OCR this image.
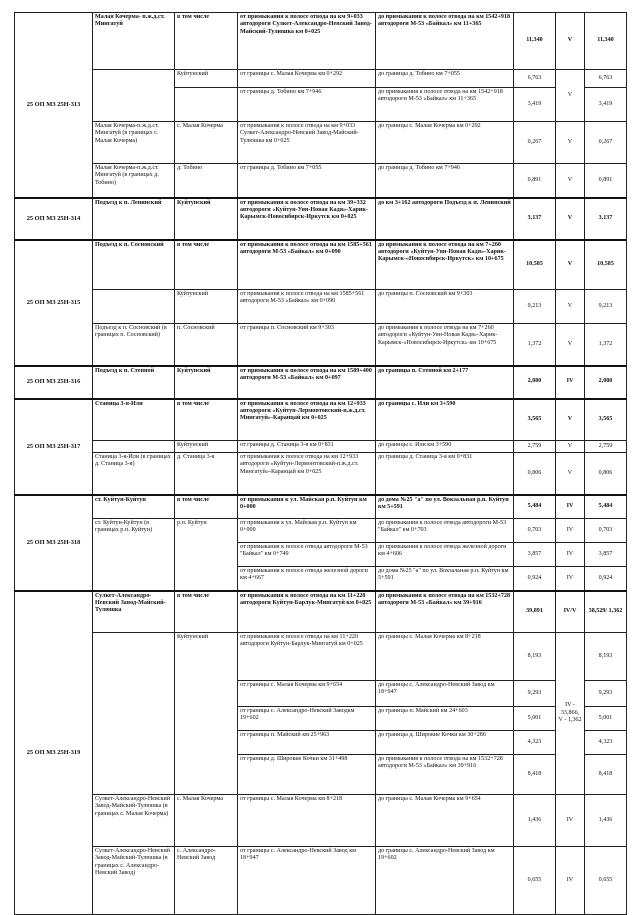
25 ОП МЗ 25Н-313	Малая Кочерма- п.ж.д.ст. Мингатуй	в том числе	от примыкания к полосе отвода на км 9+033 автодороги Сулкет-Александро-Невский Завод-Майский-Тулюшка км 0+025	до примыкания к полосе отвода на км 1542+918 автодороги М-53 «Байкал» км 11+365	11,340	V	11,340
		Куйтунский	от границы с. Малая Кочерма км 0+292	до границы д. Тобино км 7+055	6,763	V	6,763
			от границы д. Тобино км 7+946	до примыкания к полосе отвода на км 1542+918 автодороги М-53 «Байкал» км 11+365	3,419		3,419
	Малая Кочерма-п.ж.д.ст. Мингатуй (в границах с. Малая Кочерма)	с. Малая Кочерма	от примыкания к полосе отвода на км 9+033 Сулкет-Александро-Невский Завод-Майский-Тулюшка км 0+025	до границы с. Малая Кочерма км 0+292	0,267	V	0,267
	Малая Кочерма-п.ж.д.ст. Мингатуй (в границах д. Тобино)	д. Тобино	от границы д. Тобино км 7+055	до границы д. Тобино км 7+946	0,891	V	0,891
25 ОП МЗ 25Н-314	Подъезд к п. Ленинский	Куйтунский	от примыкания к полосе отвода на км 39+332 автодороги «Куйтун-Уян-Новая Кадя»-Харик-Карымск-Новосибирск-Иркутск км 0+025	до км 3+162 автодороги Подъезд к п. Ленинский	3,137	V	3,137
25 ОП МЗ 25Н-315	Подъезд к п. Сосновский	в том числе	от примыкания к полосе отвода на км 1585+561 автодороги М-53 «Байкал» км 0+090	до примыкания к полосе отвода на км 7+260 автодороги «Куйтун-Уян-Новая Кадя»-Харик-Карымск-«Новосибирск-Иркутск» км 10+675	10,585	V	10,585
		Куйтунский	от примыкания к полосе отвода на км 1585+561 автодороги М-53 «Байкал» км 0+090	до границы п. Сосновский км 9+303	9,213	V	9,213
	Подъезд к п. Сосновский (в границах п. Сосновский)	п. Сосновский	от границы п. Сосновский км 9+303	до примыкания к полосе отвода на км 7+260 автодороги «Куйтун-Уян-Новая Кадя»-Харик-Карымск-«Новосибирск-Иркутск» км 10+675	1,372	V	1,372
25 ОП МЗ 25Н-316	Подъезд к п. Степной	Куйтунский	от примыкания к полосе отвода на км 1589+400 автодороги М-53 «Байкал» км 0+097	до границы п. Степной км 2+177	2,080	IV	2,080
25 ОП МЗ 25Н-317	Станица 3-я-Или	в том числе	от примыкания к полосе отвода на км 12+933 автодороги «Куйтун-Лермонтовский-п.ж.д.ст. Мингатуй»-Каранцай км 0+025	до границы с. Или км 3+590	3,565	V	3,565
		Куйтунский	от границы д. Станица 3-я км 0+831	до границы с. Или км 3+590	2,759	V	2,759
	Станица 3-я-Или (в границах д. Станица 3-я)	д. Станица 3-я	от примыкания к полосе отвода на км 12+933 автодороги «Куйтун-Лермонтовский-п.ж.д.ст. Мингатуй»-Каранцай км 0+025	до границы д. Станица 3-я км 0+831	0,806	V	0,806
25 ОП МЗ 25Н-318	ст. Куйтун-Куйтун	в том числе	от примыкания к ул. Майская р.п. Куйтун км 0+000	до дома №25 "а" по ул. Вокзальная р.п. Куйтун км 5+591	5,484	IV	5,484
	ст. Куйтун-Куйтун (в границах р.п. Куйтун)	р.п. Куйтун	от примыкания к ул. Майская р.п. Куйтун км 0+000	до примыкания к полосе отвода автодороги М-53 "Байкал" км 0+703	0,703	IV	0,703
			от примыкания к полосе отвода автодороги М-53 "Байкал" км 0+749	до примыкания к полосе отвода железной дороги км 4+606	3,857	IV	3,857
			от примыкания к полосе отвода железной дороги км 4+667	до дома №25 "а" по ул. Вокзальная р.п. Куйтун км 5+591	0,924	IV	0,924
25 ОП МЗ 25Н-319	Сулкет-Александро-Невский Завод-Майский-Тулюшка	в том числе	от примыкания к полосе отвода на км 11+220 автодороги Куйтун-Барлук-Мингатуй км 0+025	до примыкания к полосе отвода на км 1532+728 автодороги М-53 «Байкал» км 39+916	39,891	IV/V	38,529/ 1,362
		Куйтунский	от примыкания к полосе отвода на км 11+220 автодороги Куйтун-Барлук-Мингатуй км 0+025	до границы с. Малая Кочерма км 8+218	8,193	IV - 33,866, V - 1,362	8,193
			от границы с. Малая Кочерма км 9+654	до границы с. Александро-Невский Завод км 18+947	9,293		9,293
			от границы с. Александро-Невский Заводкм 19+602	до границы п. Майский км 24+603	5,001		5,001
			от границы п. Майский км 25+963	до границы д. Широкие Кочки км 30+286	4,323		4,323
			от границы д. Широкие Кочки км 31+498	до примыкания к полосе отвода на км 1532+728 автодороги М-53 «Байкал» км 39+916	8,418		8,418
	Сулкет-Александро-Невский Завод-Майский-Тулюшка (в границах с. Малая Кочерма)	с. Малая Кочерма	от границы с. Малая Кочерма км 8+218	до границы с. Малая Кочерма км 9+654	1,436	IV	1,436
	Сулкет-Александро-Невский Завод-Майский-Тулюшка (в границах с. Александро-Невский Завод)	с. Александро-Невский Завод	от границы с. Александро-Невский Завод км 18+947	до границы с. Александро-Невский Завод км 19+602	0,655	IV	0,655
